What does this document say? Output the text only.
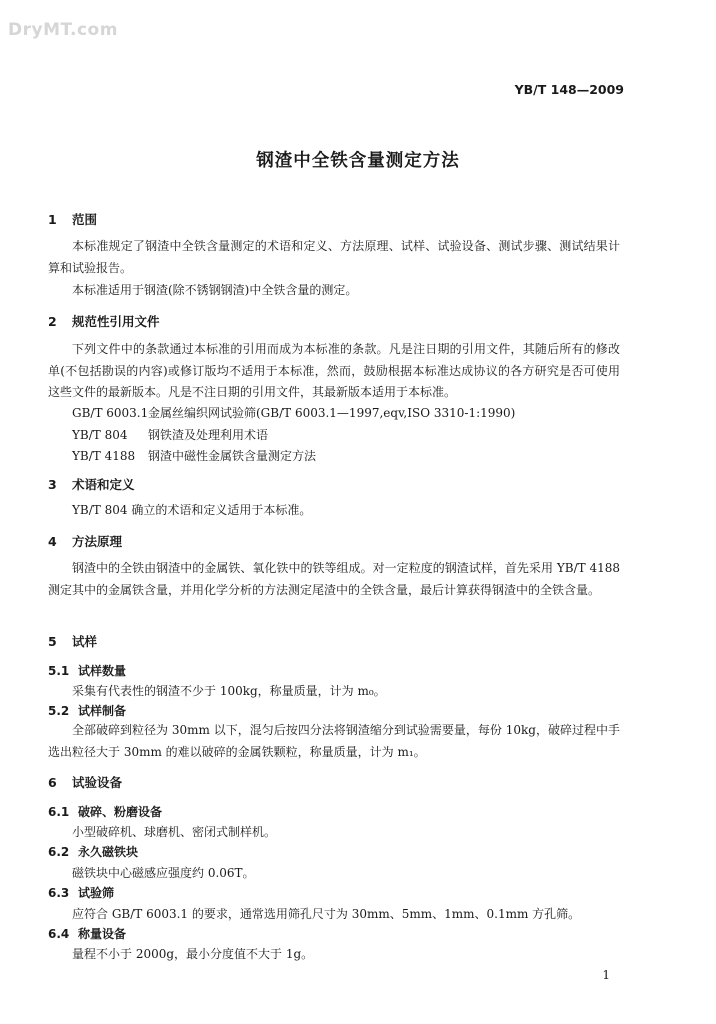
DryMT.com
YB/T 148—2009
钢渣中全铁含量测定方法
1 范围
本标准规定了钢渣中全铁含量测定的术语和定义、方法原理、试样、试验设备、测试步骤、测试结果计算和试验报告。
本标准适用于钢渣(除不锈钢钢渣)中全铁含量的测定。
2 规范性引用文件
下列文件中的条款通过本标准的引用而成为本标准的条款。凡是注日期的引用文件，其随后所有的修改单(不包括勘误的内容)或修订版均不适用于本标准，然而，鼓励根据本标准达成协议的各方研究是否可使用这些文件的最新版本。凡是不注日期的引用文件，其最新版本适用于本标准。
GB/T 6003.1金属丝编织网试验筛(GB/T 6003.1—1997,eqv,ISO 3310-1:1990)
YB/T 804 钢铁渣及处理利用术语
YB/T 4188 钢渣中磁性金属铁含量测定方法
3 术语和定义
YB/T 804 确立的术语和定义适用于本标准。
4 方法原理
钢渣中的全铁由钢渣中的金属铁、氧化铁中的铁等组成。对一定粒度的钢渣试样，首先采用 YB/T 4188 测定其中的金属铁含量，并用化学分析的方法测定尾渣中的全铁含量，最后计算获得钢渣中的全铁含量。
5 试样
5.1 试样数量
采集有代表性的钢渣不少于 100kg，称量质量，计为 m₀。
5.2 试样制备
全部破碎到粒径为 30mm 以下，混匀后按四分法将钢渣缩分到试验需要量，每份 10kg，破碎过程中手选出粒径大于 30mm 的难以破碎的金属铁颗粒，称量质量，计为 m₁。
6 试验设备
6.1 破碎、粉磨设备
小型破碎机、球磨机、密闭式制样机。
6.2 永久磁铁块
磁铁块中心磁感应强度约 0.06T。
6.3 试验筛
应符合 GB/T 6003.1 的要求，通常选用筛孔尺寸为 30mm、5mm、1mm、0.1mm 方孔筛。
6.4 称量设备
量程不小于 2000g，最小分度值不大于 1g。
1
